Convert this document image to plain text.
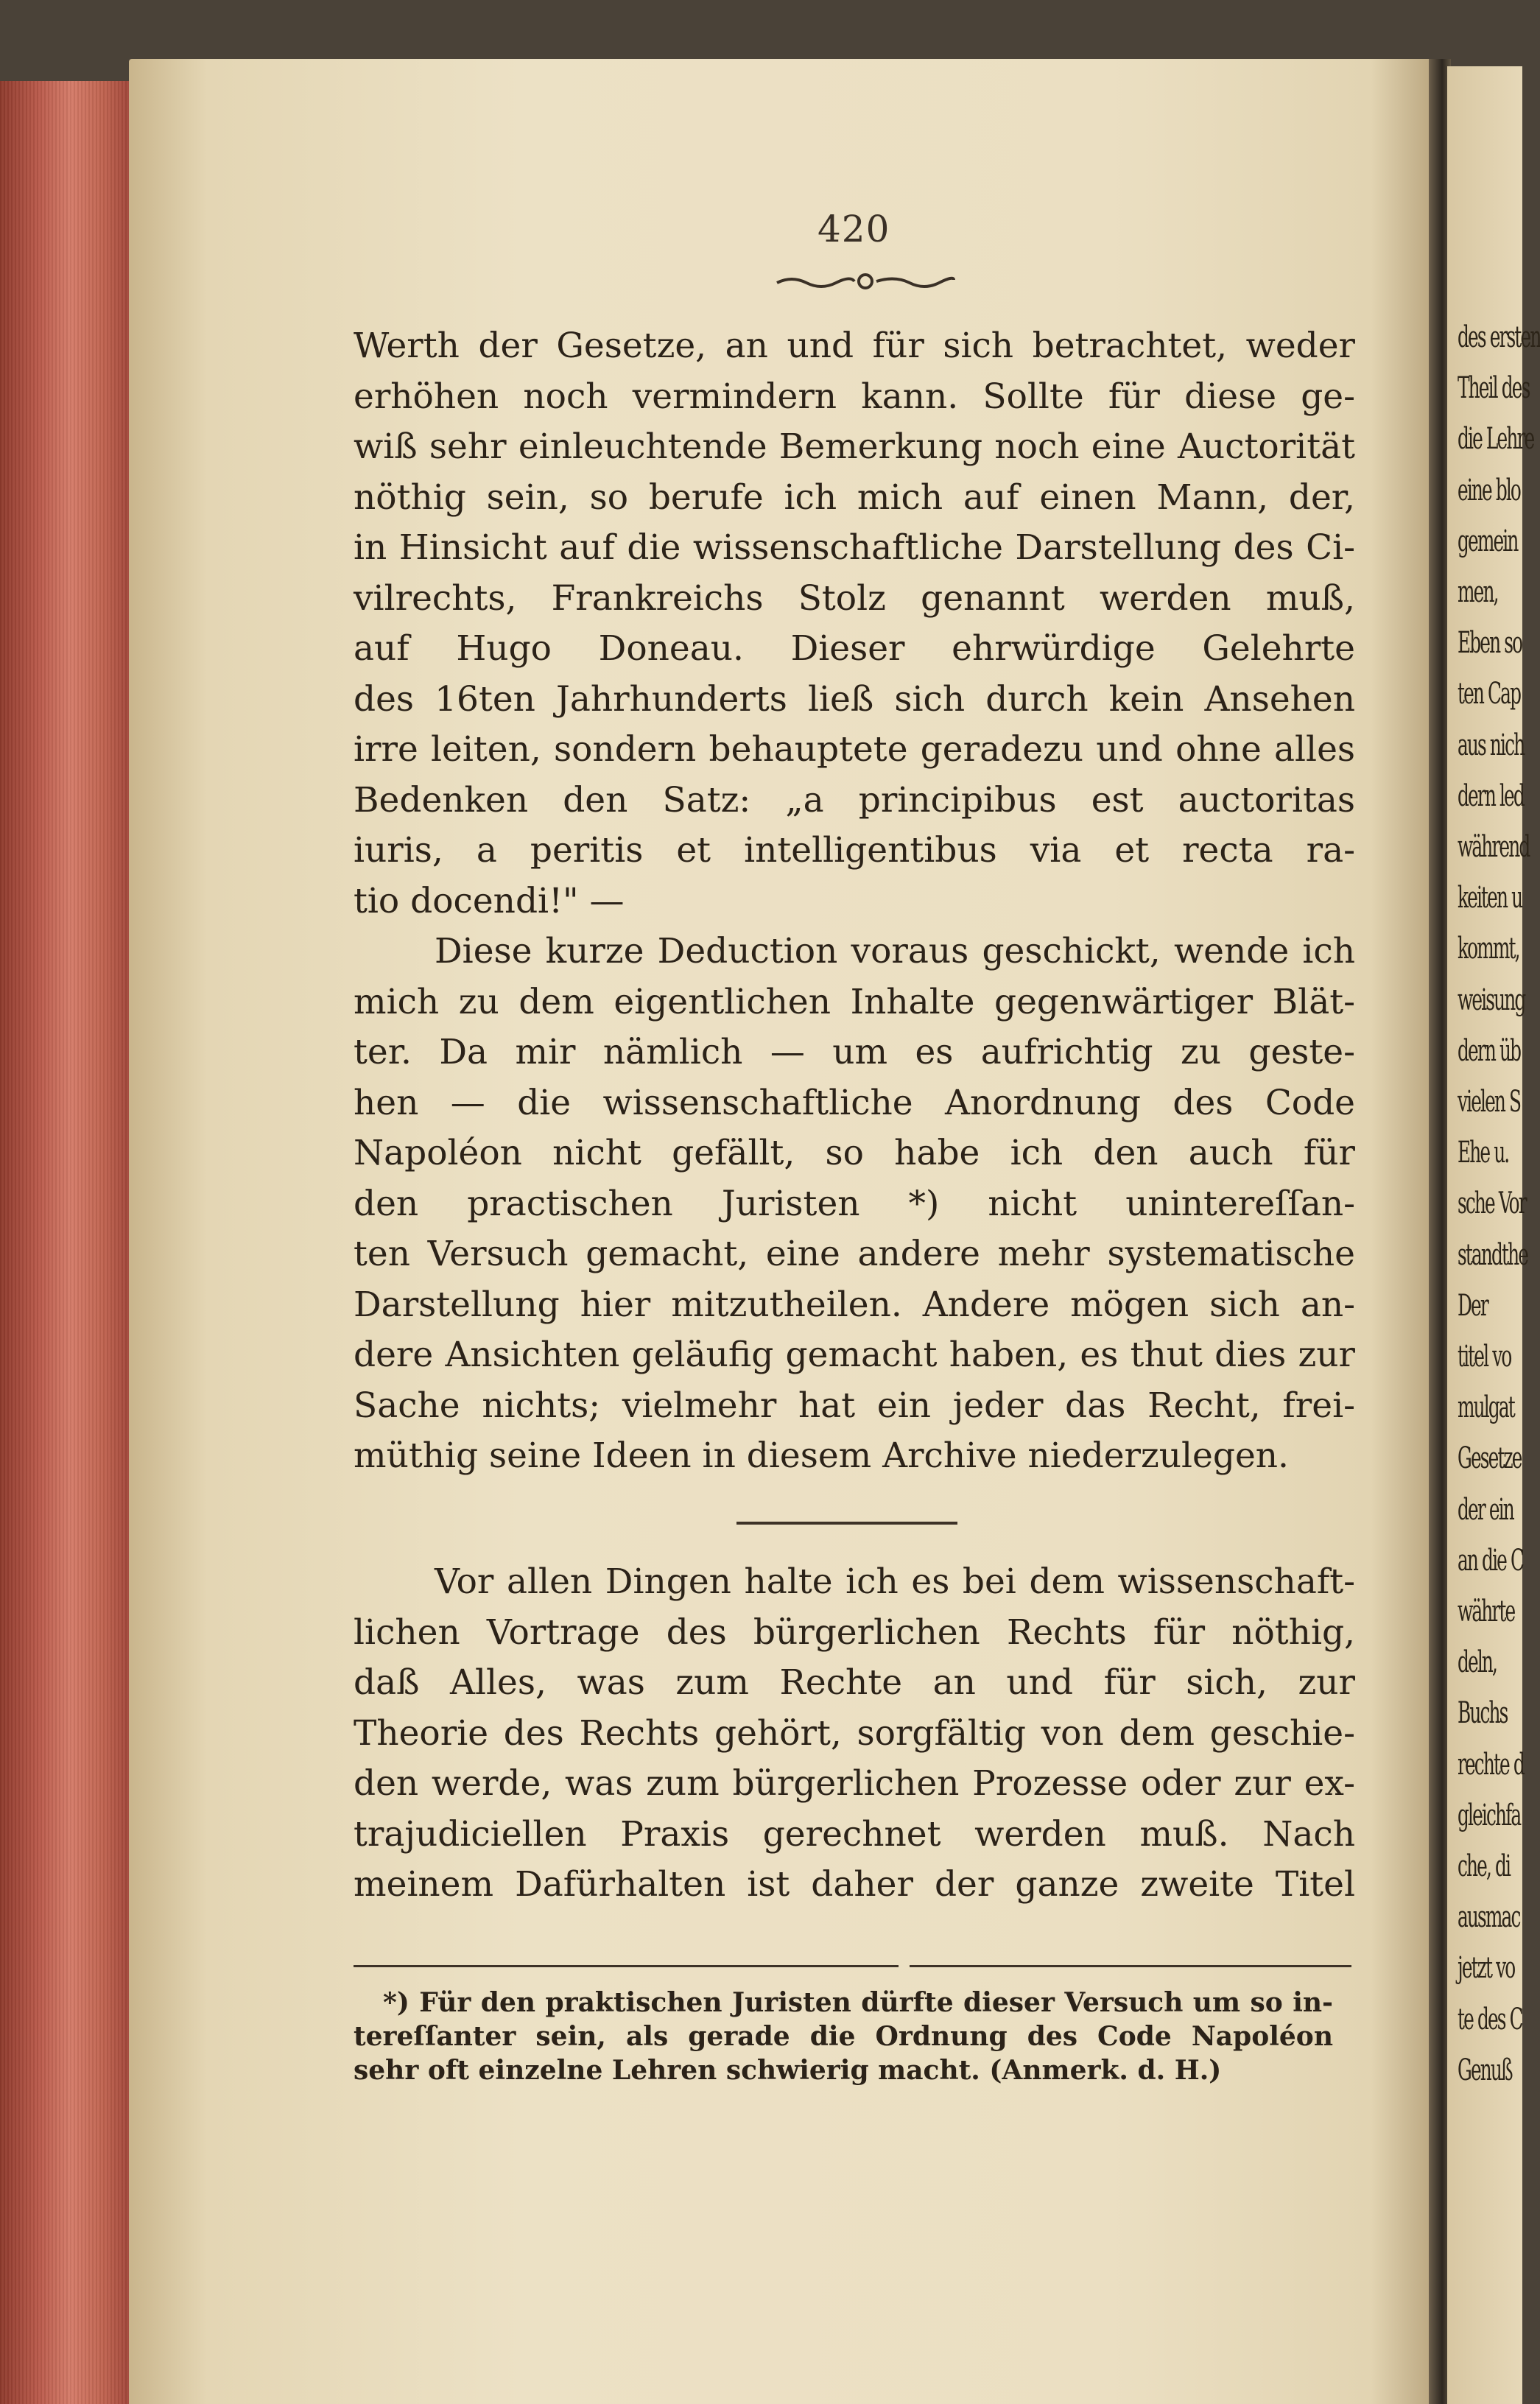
des ersten
Theil des
die Lehre
eine blo
gemein
men,
Eben so
ten Cap
aus nich
dern led
während
keiten u
kommt,
weisung
dern üb
vielen S
Ehe u.
sche Vor
standthe
Der
titel vo
mulgat
Gesetze
der ein
an die C
währte
deln,
Buchs
rechte d
gleichfa
che, di
ausmac
jetzt vo
te des C
Genuß
420
Werth der Gesetze, an und für sich betrachtet, weder
erhöhen noch vermindern kann. Sollte für diese ge-
wiß sehr einleuchtende Bemerkung noch eine Auctorität
nöthig sein, so berufe ich mich auf einen Mann, der,
in Hinsicht auf die wissenschaftliche Darstellung des Ci-
vilrechts, Frankreichs Stolz genannt werden muß,
auf Hugo Doneau. Dieser ehrwürdige Gelehrte
des 16ten Jahrhunderts ließ sich durch kein Ansehen
irre leiten, sondern behauptete geradezu und ohne alles
Bedenken den Satz: „a principibus est auctoritas
iuris, a peritis et intelligentibus via et recta ra-
tio docendi!" —
Diese kurze Deduction voraus geschickt, wende ich
mich zu dem eigentlichen Inhalte gegenwärtiger Blät-
ter. Da mir nämlich — um es aufrichtig zu geste-
hen — die wissenschaftliche Anordnung des Code
Napoléon nicht gefällt, so habe ich den auch für
den practischen Juristen *) nicht unintereſſan-
ten Versuch gemacht, eine andere mehr systematische
Darstellung hier mitzutheilen. Andere mögen sich an-
dere Ansichten geläufig gemacht haben, es thut dies zur
Sache nichts; vielmehr hat ein jeder das Recht, frei-
müthig seine Ideen in diesem Archive niederzulegen.
Vor allen Dingen halte ich es bei dem wissenschaft-
lichen Vortrage des bürgerlichen Rechts für nöthig,
daß Alles, was zum Rechte an und für sich, zur
Theorie des Rechts gehört, sorgfältig von dem geschie-
den werde, was zum bürgerlichen Prozesse oder zur ex-
trajudiciellen Praxis gerechnet werden muß. Nach
meinem Dafürhalten ist daher der ganze zweite Titel
*) Für den praktischen Juristen dürfte dieser Versuch um so in-
tereſſanter sein, als gerade die Ordnung des Code Napoléon
sehr oft einzelne Lehren schwierig macht. (Anmerk. d. H.)
